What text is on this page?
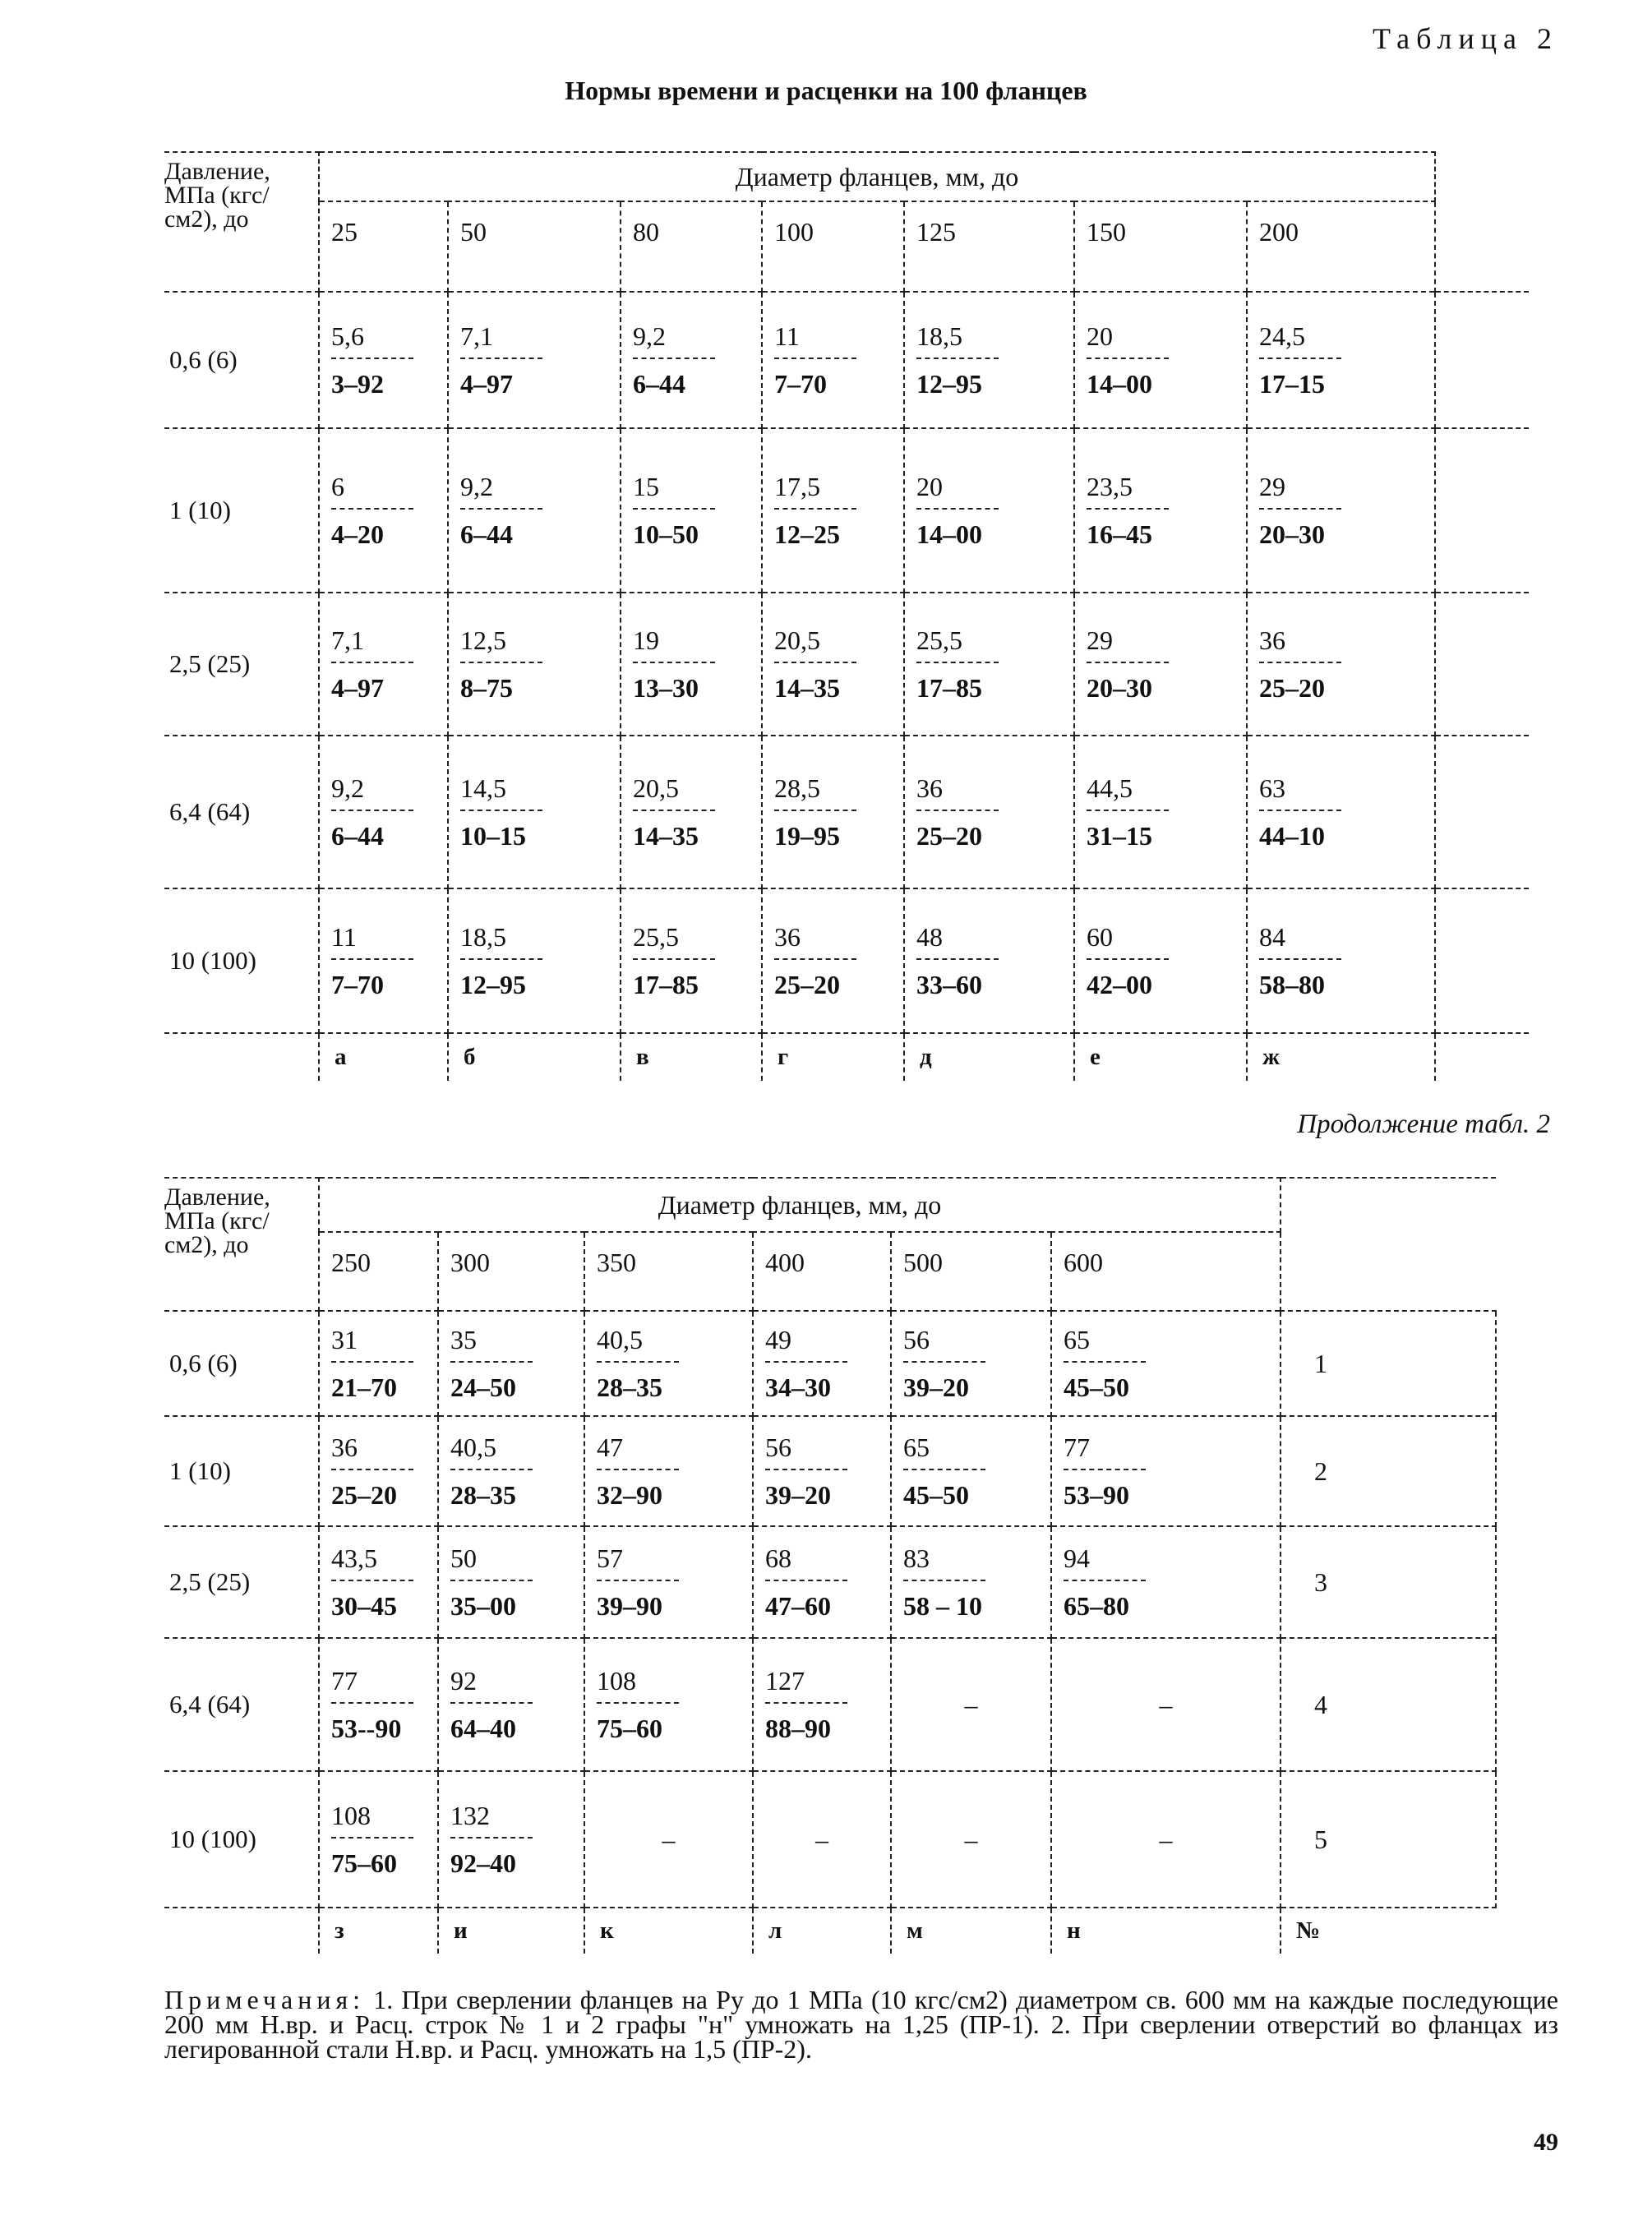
Таблица 2
Нормы времени и расценки на 100 фланцев
Давление, МПа (кгс/см2), до	Диаметр фланцев, мм, до							
	25	50	80	100	125	150	200	
0,6 (6)	$\frac{5,6}{3-92}$	$\frac{7,1}{4-97}$	$\frac{9,2}{6-44}$	$\frac{11}{7-70}$	$\frac{18,5}{12-95}$	$\frac{20}{14-00}$	$\frac{24,5}{17-15}$

1 (10)	$\frac{6}{4-20}$	$\frac{9,2}{6-44}$	$\frac{15}{10-50}$	$\frac{17,5}{12-25}$	$\frac{20}{14-00}$	$\frac{23,5}{16-45}$	$\frac{29}{20-30}$

2,5 (25)	$\frac{7,1}{4-97}$	$\frac{12,5}{8-75}$	$\frac{19}{13-30}$	$\frac{20,5}{14-35}$	$\frac{25,5}{17-85}$	$\frac{29}{20-30}$	$\frac{36}{25-20}$

6,4 (64)	$\frac{9,2}{6-44}$	$\frac{14,5}{10-15}$	$\frac{20,5}{14-35}$	$\frac{28,5}{19-95}$	$\frac{36}{25-20}$	$\frac{44,5}{31-15}$	$\frac{63}{44-10}$

10 (100)	$\frac{11}{7-70}$	$\frac{18,5}{12-95}$	$\frac{25,5}{17-85}$	$\frac{36}{25-20}$	$\frac{48}{33-60}$	$\frac{60}{42-00}$	$\frac{84}{58-80}$

	а	б	в	г	д	е	ж	
Продолжение табл. 2
Давление, МПа (кгс/см2), до	Диаметр фланцев, мм, до						
	250	300	350	400	500	600	
0,6 (6)	$\frac{31}{21-70}$	$\frac{35}{24-50}$	$\frac{40,5}{28-35}$	$\frac{49}{34-30}$	$\frac{56}{39-20}$	$\frac{65}{45-50}$	1
1 (10)	$\frac{36}{25-20}$	$\frac{40,5}{28-35}$	$\frac{47}{32-90}$	$\frac{56}{39-20}$	$\frac{65}{45-50}$	$\frac{77}{53-90}$	2
2,5 (25)	$\frac{43,5}{30-45}$	$\frac{50}{35-00}$	$\frac{57}{39-90}$	$\frac{68}{47-60}$	$\frac{83}{58 - 10}$	$\frac{94}{65-80}$	3
6,4 (64)	$\frac{77}{53--90}$	$\frac{92}{64-40}$	$\frac{108}{75-60}$	$\frac{127}{88-90}$	–	–	4
10 (100)	$\frac{108}{75-60}$	$\frac{132}{92-40}$	–	–	–	–	5
	з	и	к	л	м	н	№
Примечания: 1. При сверлении фланцев на Ру до 1 МПа (10 кгс/см2) диаметром св. 600 мм на каждые последующие 200 мм Н.вр. и Расц. строк № 1 и 2 графы "н" умножать на 1,25 (ПР-1). 2. При сверлении отверстий во фланцах из легированной стали Н.вр. и Расц. умножать на 1,5 (ПР-2).
49
